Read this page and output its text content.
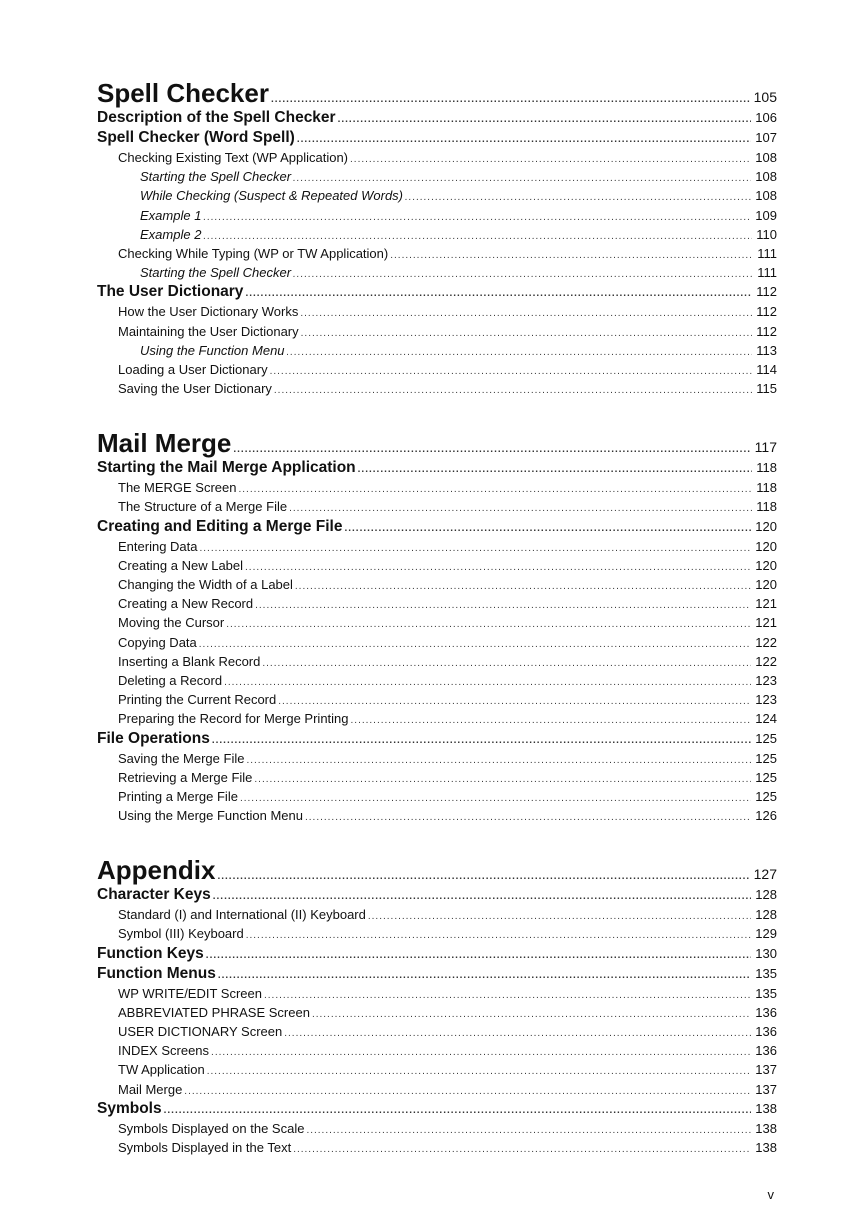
Spell Checker .....	105
Description of the Spell Checker .....	106
Spell Checker (Word Spell) .....	107
Checking Existing Text (WP Application) .....	108
Starting the Spell Checker .....	108
While Checking (Suspect & Repeated Words) .....	108
Example 1 .....	109
Example 2 .....	110
Checking While Typing (WP or TW Application) .....	111
Starting the Spell Checker .....	111
The User Dictionary .....	112
How the User Dictionary Works .....	112
Maintaining the User Dictionary .....	112
Using the Function Menu .....	113
Loading a User Dictionary .....	114
Saving the User Dictionary .....	115
Mail Merge .....	117
Starting the Mail Merge Application .....	118
The MERGE Screen .....	118
The Structure of a Merge File .....	118
Creating and Editing a Merge File .....	120
Entering Data .....	120
Creating a New Label .....	120
Changing the Width of a Label .....	120
Creating a New Record .....	121
Moving the Cursor .....	121
Copying Data .....	122
Inserting a Blank Record .....	122
Deleting a Record .....	123
Printing the Current Record .....	123
Preparing the Record for Merge Printing .....	124
File Operations .....	125
Saving the Merge File .....	125
Retrieving a Merge File .....	125
Printing a Merge File .....	125
Using the Merge Function Menu .....	126
Appendix .....	127
Character Keys .....	128
Standard (I) and International (II) Keyboard .....	128
Symbol (III) Keyboard .....	129
Function Keys .....	130
Function Menus .....	135
WP WRITE/EDIT Screen .....	135
ABBREVIATED PHRASE Screen .....	136
USER DICTIONARY Screen .....	136
INDEX Screens .....	136
TW Application .....	137
Mail Merge .....	137
Symbols .....	138
Symbols Displayed on the Scale .....	138
Symbols Displayed in the Text .....	138
v
